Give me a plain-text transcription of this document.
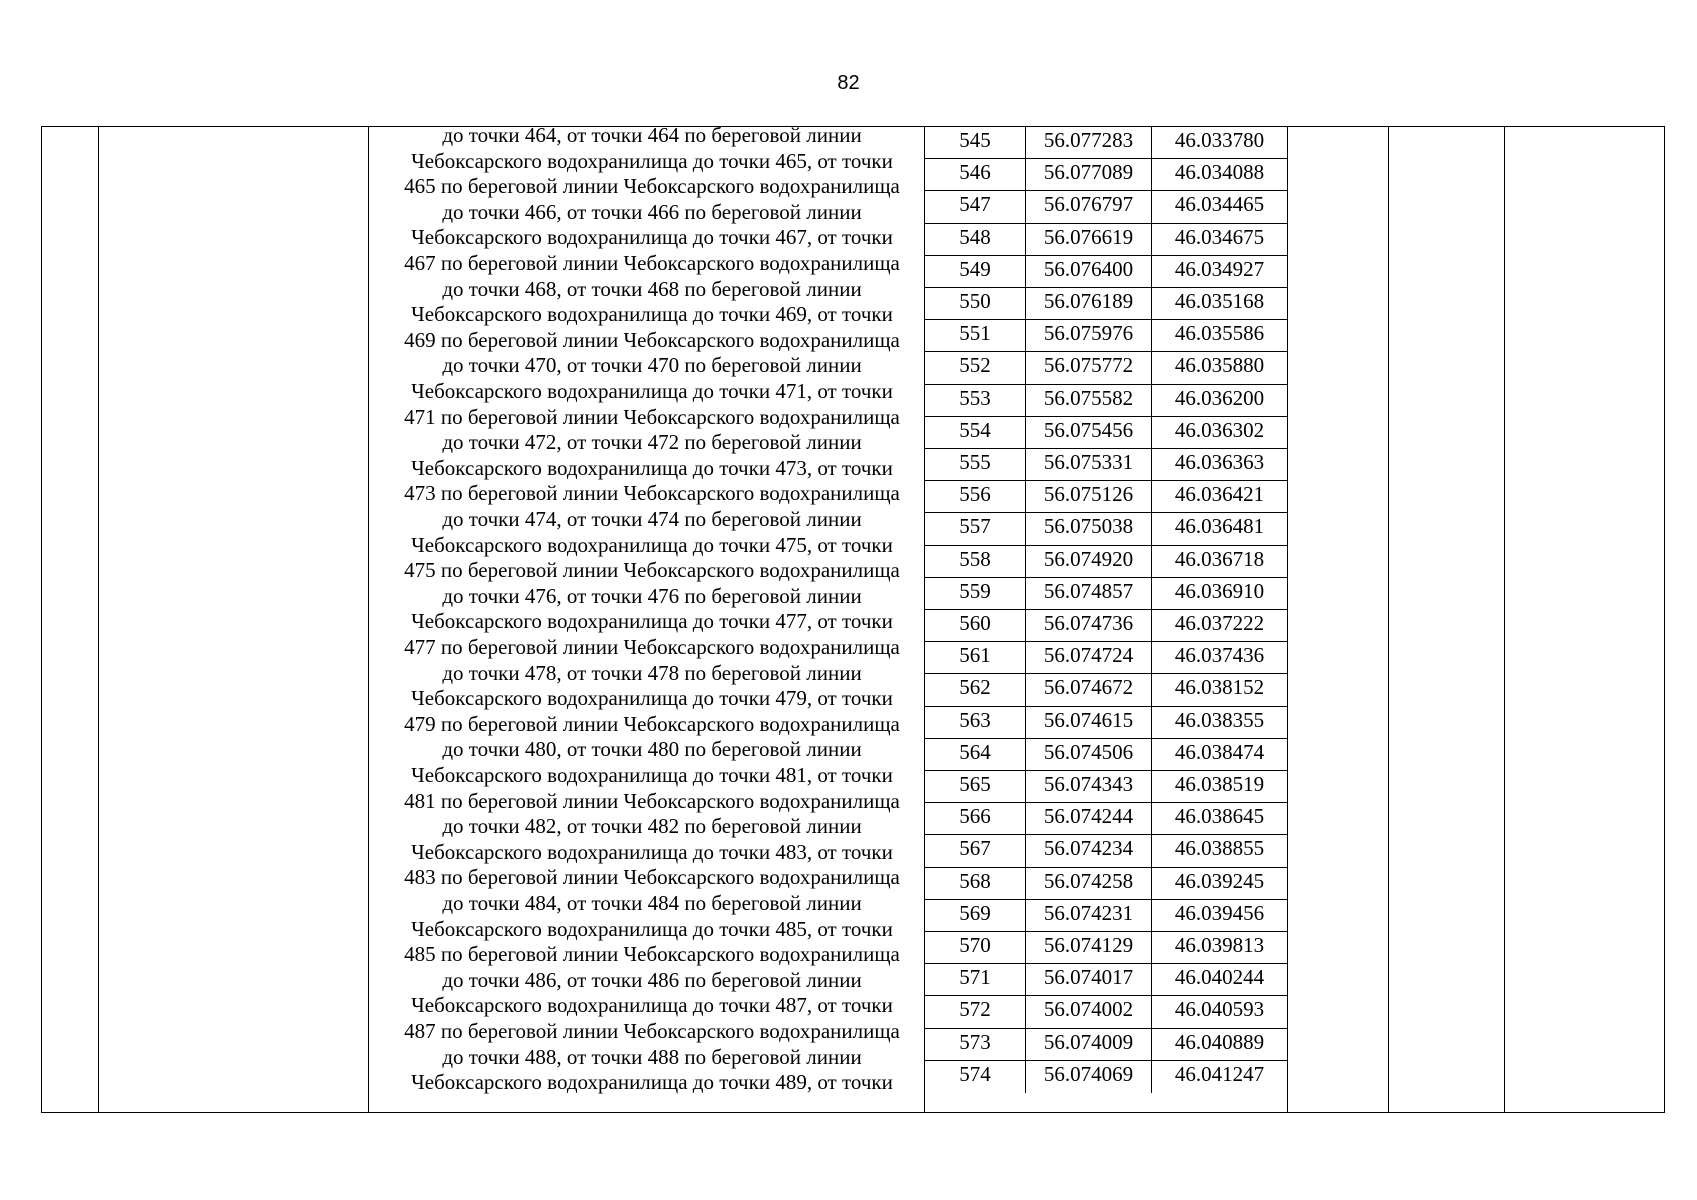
82
до точки 464, от точки 464 по береговой линии
Чебоксарского водохранилища до точки 465, от точки
465 по береговой линии Чебоксарского водохранилища
до точки 466, от точки 466 по береговой линии
Чебоксарского водохранилища до точки 467, от точки
467 по береговой линии Чебоксарского водохранилища
до точки 468, от точки 468 по береговой линии
Чебоксарского водохранилища до точки 469, от точки
469 по береговой линии Чебоксарского водохранилища
до точки 470, от точки 470 по береговой линии
Чебоксарского водохранилища до точки 471, от точки
471 по береговой линии Чебоксарского водохранилища
до точки 472, от точки 472 по береговой линии
Чебоксарского водохранилища до точки 473, от точки
473 по береговой линии Чебоксарского водохранилища
до точки 474, от точки 474 по береговой линии
Чебоксарского водохранилища до точки 475, от точки
475 по береговой линии Чебоксарского водохранилища
до точки 476, от точки 476 по береговой линии
Чебоксарского водохранилища до точки 477, от точки
477 по береговой линии Чебоксарского водохранилища
до точки 478, от точки 478 по береговой линии
Чебоксарского водохранилища до точки 479, от точки
479 по береговой линии Чебоксарского водохранилища
до точки 480, от точки 480 по береговой линии
Чебоксарского водохранилища до точки 481, от точки
481 по береговой линии Чебоксарского водохранилища
до точки 482, от точки 482 по береговой линии
Чебоксарского водохранилища до точки 483, от точки
483 по береговой линии Чебоксарского водохранилища
до точки 484, от точки 484 по береговой линии
Чебоксарского водохранилища до точки 485, от точки
485 по береговой линии Чебоксарского водохранилища
до точки 486, от точки 486 по береговой линии
Чебоксарского водохранилища до точки 487, от точки
487 по береговой линии Чебоксарского водохранилища
до точки 488, от точки 488 по береговой линии
Чебоксарского водохранилища до точки 489, от точки
545	56.077283	46.033780
546	56.077089	46.034088
547	56.076797	46.034465
548	56.076619	46.034675
549	56.076400	46.034927
550	56.076189	46.035168
551	56.075976	46.035586
552	56.075772	46.035880
553	56.075582	46.036200
554	56.075456	46.036302
555	56.075331	46.036363
556	56.075126	46.036421
557	56.075038	46.036481
558	56.074920	46.036718
559	56.074857	46.036910
560	56.074736	46.037222
561	56.074724	46.037436
562	56.074672	46.038152
563	56.074615	46.038355
564	56.074506	46.038474
565	56.074343	46.038519
566	56.074244	46.038645
567	56.074234	46.038855
568	56.074258	46.039245
569	56.074231	46.039456
570	56.074129	46.039813
571	56.074017	46.040244
572	56.074002	46.040593
573	56.074009	46.040889
574	56.074069	46.041247
